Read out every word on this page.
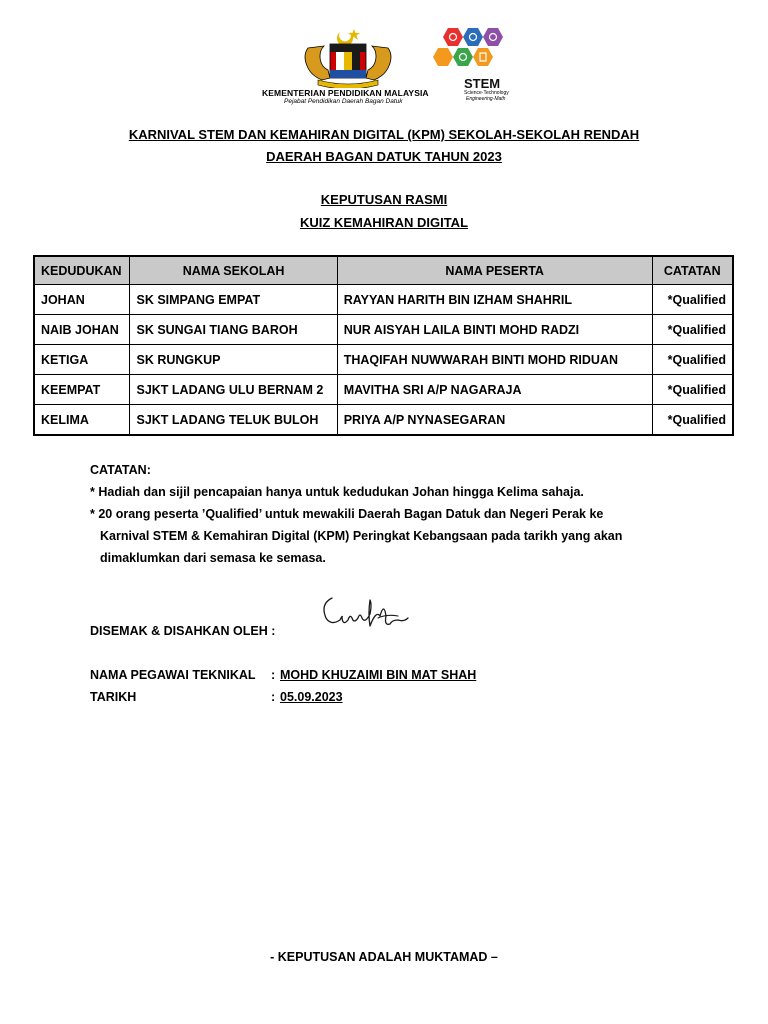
KEMENTERIAN PENDIDIKAN MALAYSIA
Pejabat Pendidikan Daerah Bagan Datuk
STEM
Science·Technology
Engineering·Math
KARNIVAL STEM DAN KEMAHIRAN DIGITAL (KPM) SEKOLAH-SEKOLAH RENDAH
DAERAH BAGAN DATUK TAHUN 2023
KEPUTUSAN RASMI
KUIZ KEMAHIRAN DIGITAL
KEDUDUKAN	NAMA SEKOLAH	NAMA PESERTA	CATATAN
JOHAN	SK SIMPANG EMPAT	RAYYAN HARITH BIN IZHAM SHAHRIL	*Qualified
NAIB JOHAN	SK SUNGAI TIANG BAROH	NUR AISYAH LAILA BINTI MOHD RADZI	*Qualified
KETIGA	SK RUNGKUP	THAQIFAH NUWWARAH BINTI MOHD RIDUAN	*Qualified
KEEMPAT	SJKT LADANG ULU BERNAM 2	MAVITHA SRI A/P NAGARAJA	*Qualified
KELIMA	SJKT LADANG TELUK BULOH	PRIYA A/P NYNASEGARAN	*Qualified
CATATAN:
* Hadiah dan sijil pencapaian hanya untuk kedudukan Johan hingga Kelima sahaja.
* 20 orang peserta ’Qualified’ untuk mewakili Daerah Bagan Datuk dan Negeri Perak ke
Karnival STEM & Kemahiran Digital (KPM) Peringkat Kebangsaan pada tarikh yang akan
dimaklumkan dari semasa ke semasa.
DISEMAK & DISAHKAN OLEH :
NAMA PEGAWAI TEKNIKAL : MOHD KHUZAIMI BIN MAT SHAH
TARIKH	: 05.09.2023
- KEPUTUSAN ADALAH MUKTAMAD –
